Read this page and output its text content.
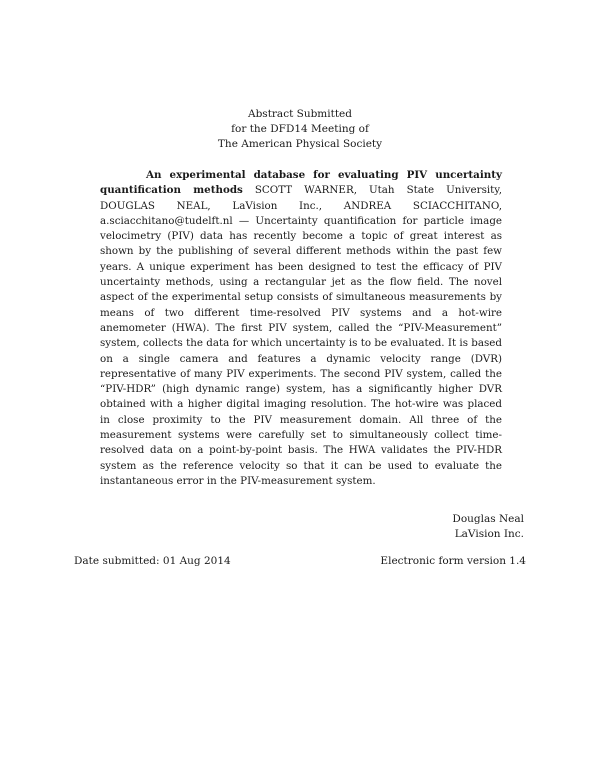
Abstract Submitted
for the DFD14 Meeting of
The American Physical Society
An experimental database for evaluating PIV uncertainty quantification methods SCOTT WARNER, Utah State University, DOUGLAS NEAL, LaVision Inc., ANDREA SCIACCHITANO, a.sciacchitano@tudelft.nl — Uncertainty quantification for particle image velocimetry (PIV) data has recently become a topic of great interest as shown by the publishing of several different methods within the past few years. A unique experiment has been designed to test the efficacy of PIV uncertainty methods, using a rectangular jet as the flow field. The novel aspect of the experimental setup consists of simultaneous measurements by means of two different time-resolved PIV systems and a hot-wire anemometer (HWA). The first PIV system, called the “PIV-Measurement” system, collects the data for which uncertainty is to be evaluated. It is based on a single camera and features a dynamic velocity range (DVR) representative of many PIV experiments. The second PIV system, called the “PIV-HDR” (high dynamic range) system, has a significantly higher DVR obtained with a higher digital imaging resolution. The hot-wire was placed in close proximity to the PIV measurement domain. All three of the measurement systems were carefully set to simultaneously collect time-resolved data on a point-by-point basis. The HWA validates the PIV-HDR system as the reference velocity so that it can be used to evaluate the instantaneous error in the PIV-measurement system.
Douglas Neal
LaVision Inc.
Date submitted: 01 Aug 2014	Electronic form version 1.4
